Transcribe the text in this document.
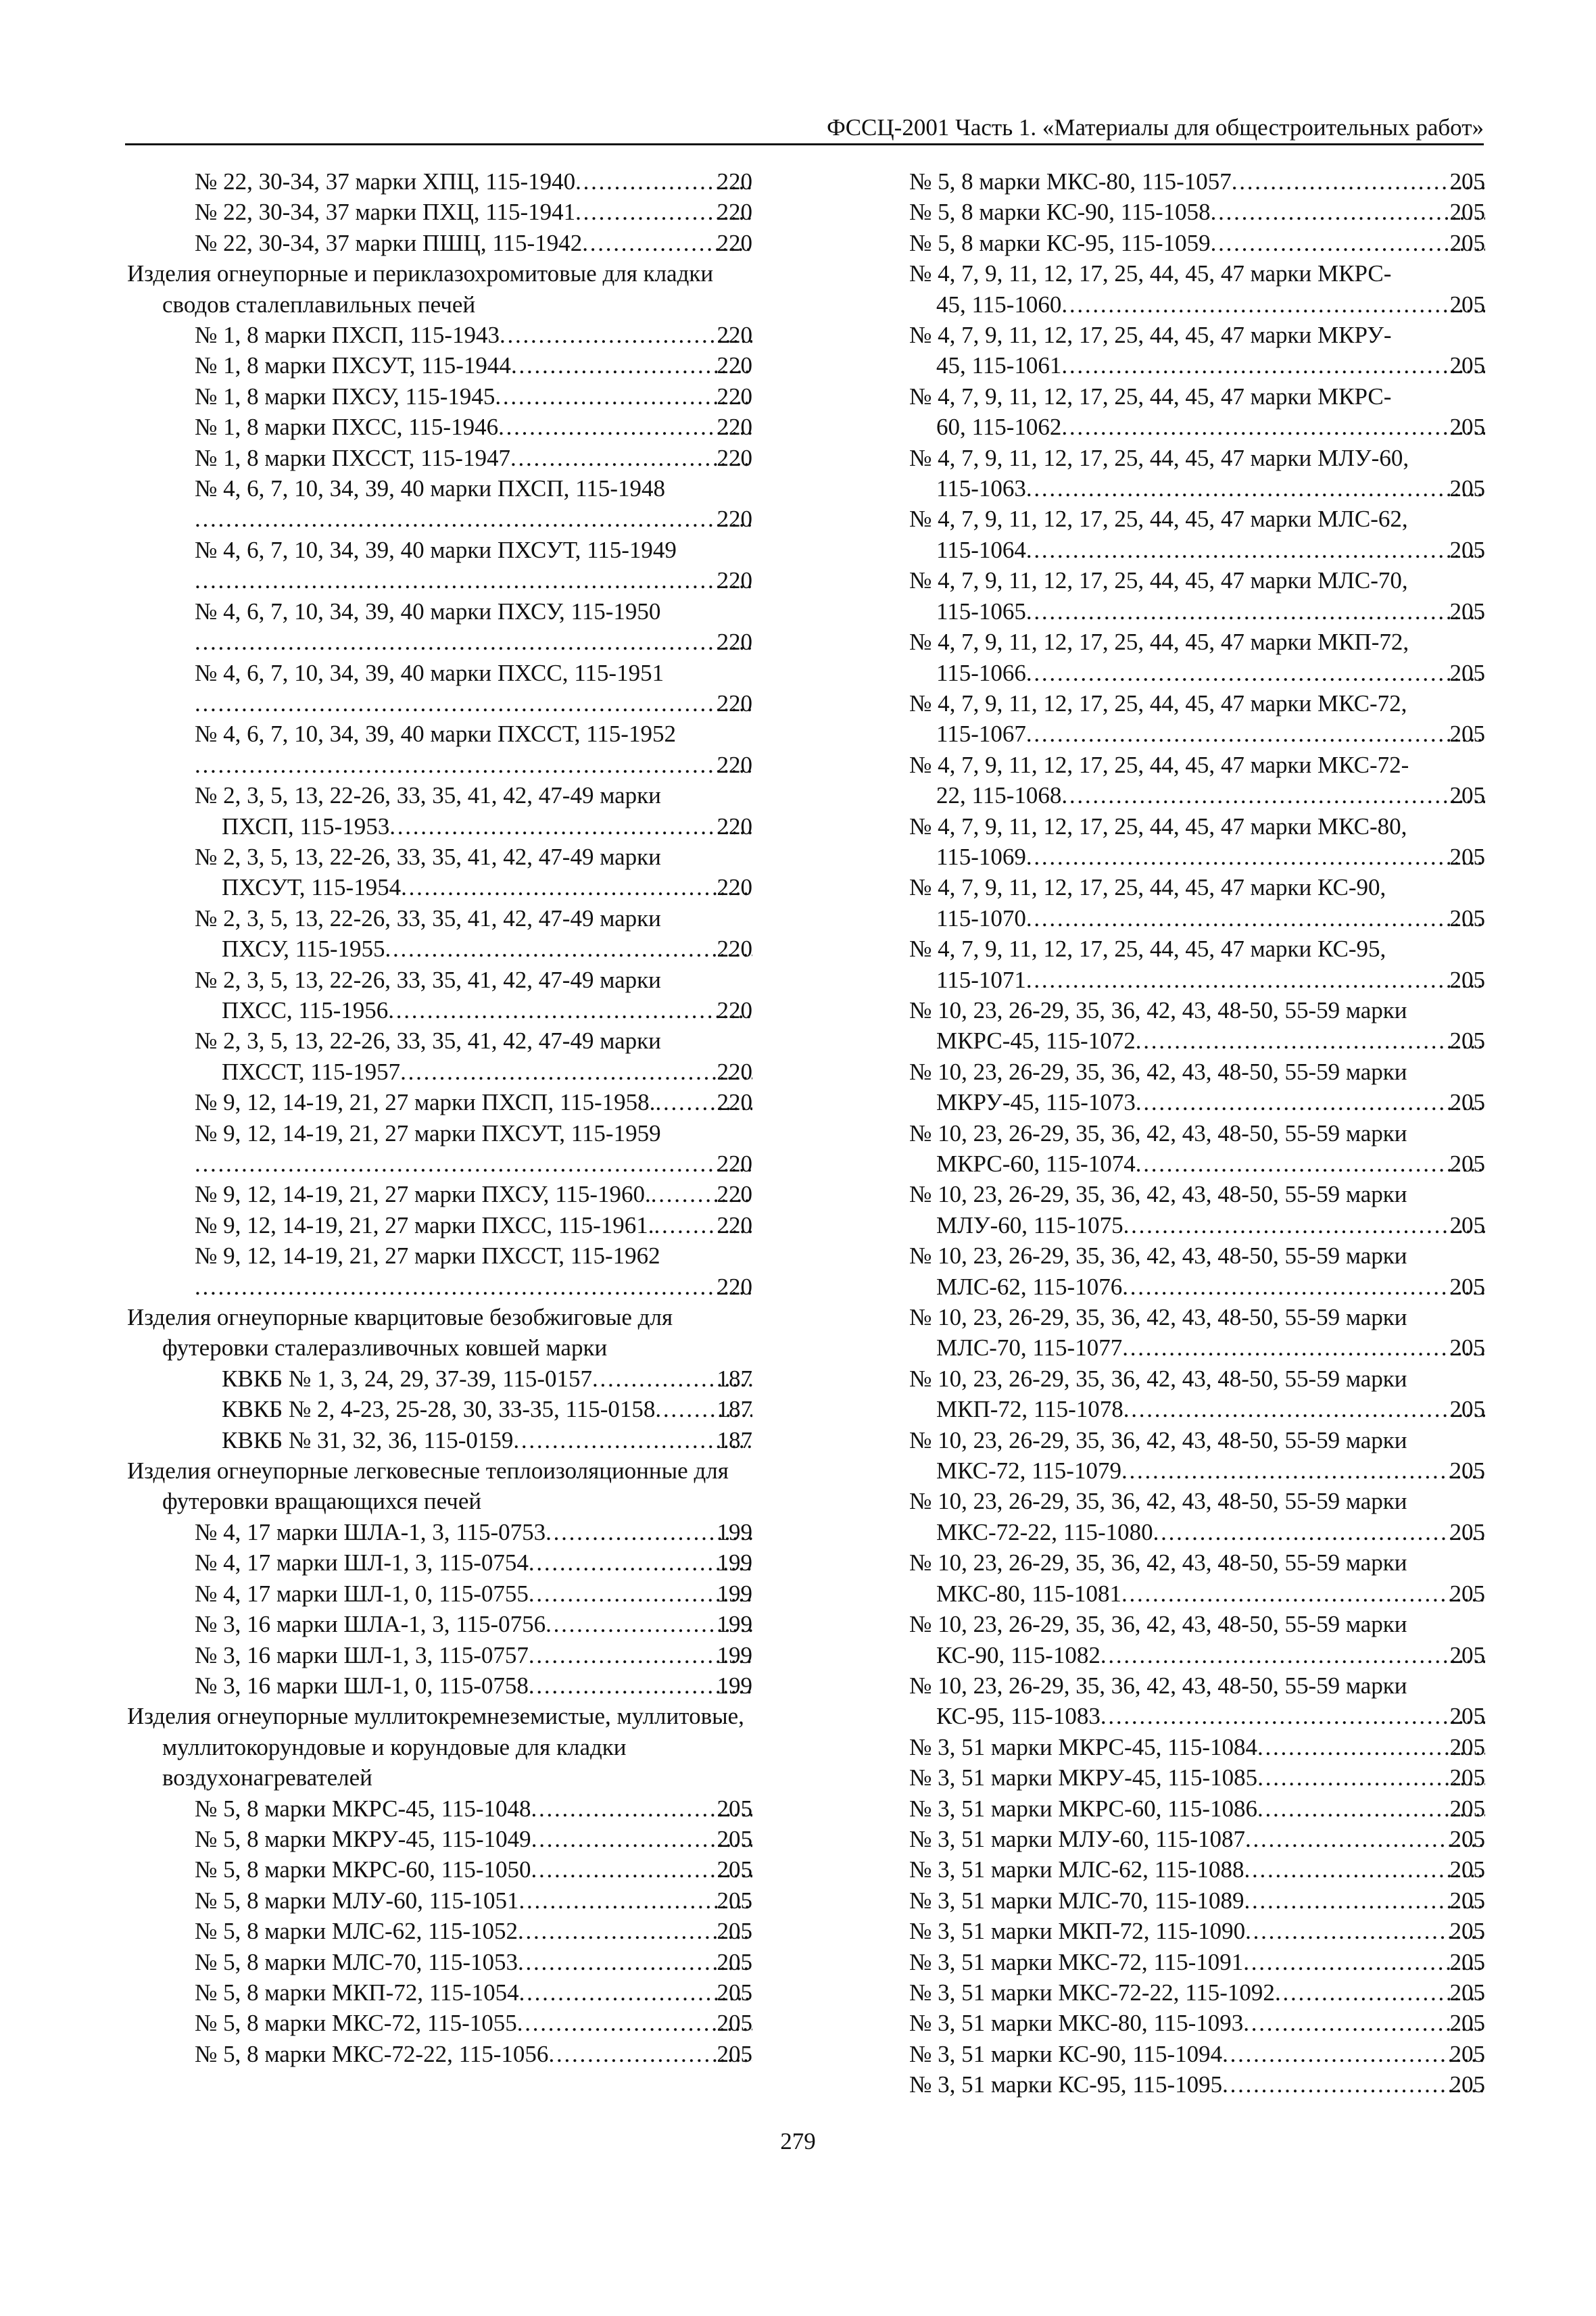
ФССЦ-2001 Часть 1. «Материалы для общестроительных работ»
220
№ 22, 30-34, 37 марки ХПЦ, 115-1940. . .
220
№ 22, 30-34, 37 марки ПХЦ, 115-1941. . .
220
№ 22, 30-34, 37 марки ПШЦ, 115-1942. . .
Изделия огнеупорные и периклазохромитовые для кладки сводов сталеплавильных печей
220
№ 1, 8 марки ПХСП, 115-1943. . .
220
№ 1, 8 марки ПХСУТ, 115-1944. . .
220
№ 1, 8 марки ПХСУ, 115-1945. . .
220
№ 1, 8 марки ПХСС, 115-1946. . .
220
№ 1, 8 марки ПХССТ, 115-1947. . .
№ 4, 6, 7, 10, 34, 39, 40 марки ПХСП, 115-1948
220
. . .
№ 4, 6, 7, 10, 34, 39, 40 марки ПХСУТ, 115-1949
220
. . .
№ 4, 6, 7, 10, 34, 39, 40 марки ПХСУ, 115-1950
220
. . .
№ 4, 6, 7, 10, 34, 39, 40 марки ПХСС, 115-1951
220
. . .
№ 4, 6, 7, 10, 34, 39, 40 марки ПХССТ, 115-1952
220
. . .
№ 2, 3, 5, 13, 22-26, 33, 35, 41, 42, 47-49 марки
220
ПХСП, 115-1953. . .
№ 2, 3, 5, 13, 22-26, 33, 35, 41, 42, 47-49 марки
220
ПХСУТ, 115-1954. . .
№ 2, 3, 5, 13, 22-26, 33, 35, 41, 42, 47-49 марки
220
ПХСУ, 115-1955. . .
№ 2, 3, 5, 13, 22-26, 33, 35, 41, 42, 47-49 марки
220
ПХСС, 115-1956. . .
№ 2, 3, 5, 13, 22-26, 33, 35, 41, 42, 47-49 марки
220
ПХССТ, 115-1957. . .
220
№ 9, 12, 14-19, 21, 27 марки ПХСП, 115-1958.. . .
№ 9, 12, 14-19, 21, 27 марки ПХСУТ, 115-1959
220
. . .
220
№ 9, 12, 14-19, 21, 27 марки ПХСУ, 115-1960.. . .
220
№ 9, 12, 14-19, 21, 27 марки ПХСС, 115-1961.. . .
№ 9, 12, 14-19, 21, 27 марки ПХССТ, 115-1962
220
. . .
Изделия огнеупорные кварцитовые безобжиговые для футеровки сталеразливочных ковшей марки
187
КВКБ № 1, 3, 24, 29, 37-39, 115-0157. . .
187
КВКБ № 2, 4-23, 25-28, 30, 33-35, 115-0158. . .
187
КВКБ № 31, 32, 36, 115-0159. . .
Изделия огнеупорные легковесные теплоизоляционные для футеровки вращающихся печей
199
№ 4, 17 марки ШЛА-1, 3, 115-0753. . .
199
№ 4, 17 марки ШЛ-1, 3, 115-0754. . .
199
№ 4, 17 марки ШЛ-1, 0, 115-0755. . .
199
№ 3, 16 марки ШЛА-1, 3, 115-0756. . .
199
№ 3, 16 марки ШЛ-1, 3, 115-0757. . .
199
№ 3, 16 марки ШЛ-1, 0, 115-0758. . .
Изделия огнеупорные муллитокремнеземистые, муллитовые, муллитокорундовые и корундовые для кладки воздухонагревателей
205
№ 5, 8 марки МКРС-45, 115-1048. . .
205
№ 5, 8 марки МКРУ-45, 115-1049. . .
205
№ 5, 8 марки МКРС-60, 115-1050. . .
205
№ 5, 8 марки МЛУ-60, 115-1051. . .
205
№ 5, 8 марки МЛС-62, 115-1052. . .
205
№ 5, 8 марки МЛС-70, 115-1053. . .
205
№ 5, 8 марки МКП-72, 115-1054. . .
205
№ 5, 8 марки МКС-72, 115-1055. . .
205
№ 5, 8 марки МКС-72-22, 115-1056. . .
205
№ 5, 8 марки МКС-80, 115-1057. . .
205
№ 5, 8 марки КС-90, 115-1058. . .
205
№ 5, 8 марки КС-95, 115-1059. . .
№ 4, 7, 9, 11, 12, 17, 25, 44, 45, 47 марки МКРС-
205
45, 115-1060. . .
№ 4, 7, 9, 11, 12, 17, 25, 44, 45, 47 марки МКРУ-
205
45, 115-1061. . .
№ 4, 7, 9, 11, 12, 17, 25, 44, 45, 47 марки МКРС-
205
60, 115-1062. . .
№ 4, 7, 9, 11, 12, 17, 25, 44, 45, 47 марки МЛУ-60,
205
115-1063. . .
№ 4, 7, 9, 11, 12, 17, 25, 44, 45, 47 марки МЛС-62,
205
115-1064. . .
№ 4, 7, 9, 11, 12, 17, 25, 44, 45, 47 марки МЛС-70,
205
115-1065. . .
№ 4, 7, 9, 11, 12, 17, 25, 44, 45, 47 марки МКП-72,
205
115-1066. . .
№ 4, 7, 9, 11, 12, 17, 25, 44, 45, 47 марки МКС-72,
205
115-1067. . .
№ 4, 7, 9, 11, 12, 17, 25, 44, 45, 47 марки МКС-72-
205
22, 115-1068. . .
№ 4, 7, 9, 11, 12, 17, 25, 44, 45, 47 марки МКС-80,
205
115-1069. . .
№ 4, 7, 9, 11, 12, 17, 25, 44, 45, 47 марки КС-90,
205
115-1070. . .
№ 4, 7, 9, 11, 12, 17, 25, 44, 45, 47 марки КС-95,
205
115-1071. . .
№ 10, 23, 26-29, 35, 36, 42, 43, 48-50, 55-59 марки
205
МКРС-45, 115-1072. . .
№ 10, 23, 26-29, 35, 36, 42, 43, 48-50, 55-59 марки
205
МКРУ-45, 115-1073. . .
№ 10, 23, 26-29, 35, 36, 42, 43, 48-50, 55-59 марки
205
МКРС-60, 115-1074. . .
№ 10, 23, 26-29, 35, 36, 42, 43, 48-50, 55-59 марки
205
МЛУ-60, 115-1075. . .
№ 10, 23, 26-29, 35, 36, 42, 43, 48-50, 55-59 марки
205
МЛС-62, 115-1076. . .
№ 10, 23, 26-29, 35, 36, 42, 43, 48-50, 55-59 марки
205
МЛС-70, 115-1077. . .
№ 10, 23, 26-29, 35, 36, 42, 43, 48-50, 55-59 марки
205
МКП-72, 115-1078. . .
№ 10, 23, 26-29, 35, 36, 42, 43, 48-50, 55-59 марки
205
МКС-72, 115-1079. . .
№ 10, 23, 26-29, 35, 36, 42, 43, 48-50, 55-59 марки
205
МКС-72-22, 115-1080. . .
№ 10, 23, 26-29, 35, 36, 42, 43, 48-50, 55-59 марки
205
МКС-80, 115-1081. . .
№ 10, 23, 26-29, 35, 36, 42, 43, 48-50, 55-59 марки
205
КС-90, 115-1082. . .
№ 10, 23, 26-29, 35, 36, 42, 43, 48-50, 55-59 марки
205
КС-95, 115-1083. . .
205
№ 3, 51 марки МКРС-45, 115-1084. . .
205
№ 3, 51 марки МКРУ-45, 115-1085. . .
205
№ 3, 51 марки МКРС-60, 115-1086. . .
205
№ 3, 51 марки МЛУ-60, 115-1087. . .
205
№ 3, 51 марки МЛС-62, 115-1088. . .
205
№ 3, 51 марки МЛС-70, 115-1089. . .
205
№ 3, 51 марки МКП-72, 115-1090. . .
205
№ 3, 51 марки МКС-72, 115-1091. . .
205
№ 3, 51 марки МКС-72-22, 115-1092. . .
205
№ 3, 51 марки МКС-80, 115-1093. . .
205
№ 3, 51 марки КС-90, 115-1094. . .
205
№ 3, 51 марки КС-95, 115-1095. . .
279
